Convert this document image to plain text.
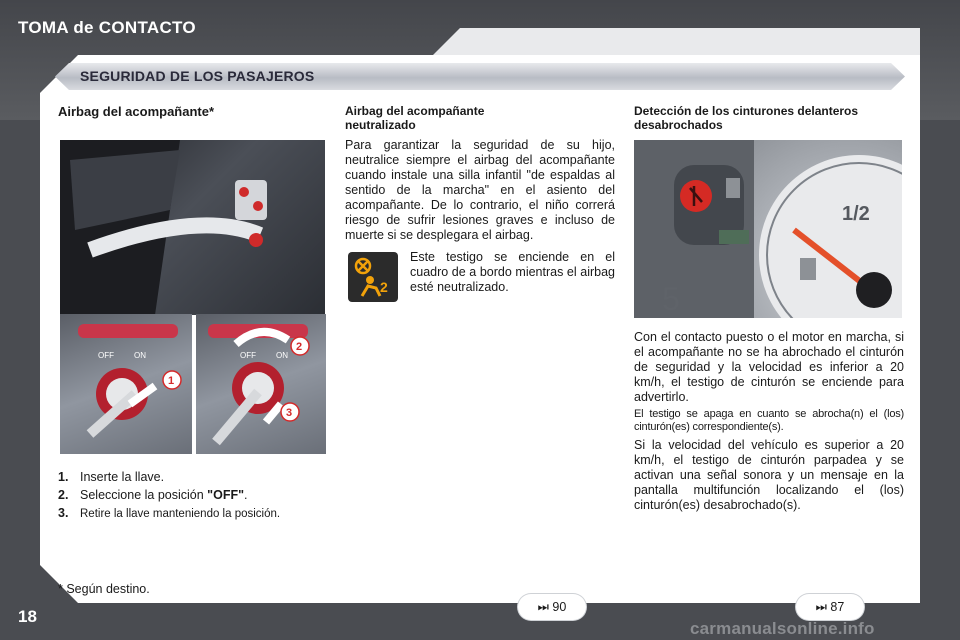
TOMA de CONTACTO
SEGURIDAD DE LOS PASAJEROS
Airbag del acompañante*
OFF	ON
1
OFF	ON
2
3
1. Inserte la llave.
2. Seleccione la posición "OFF".
3. Retire la llave manteniendo la posición.
* Según destino.
Airbag del acompañante neutralizado
Para garantizar la seguridad de su hijo, neutralice siempre el airbag del acompañante cuando instale una silla infantil "de espaldas al sentido de la marcha" en el asiento del acompañante. De lo contrario, el niño correrá riesgo de sufrir lesiones graves e incluso de muerte si se desplegara el airbag.
2
Este testigo se enciende en el cuadro de a bordo mientras el airbag esté neutralizado.
Detección de los cinturones delanteros desabrochados
1/2
5
Con el contacto puesto o el motor en marcha, si el acompañante no se ha abrochado el cinturón de seguridad y la velocidad es inferior a 20 km/h, el testigo de cinturón se enciende para advertirlo.
El testigo se apaga en cuanto se abrocha(n) el (los) cinturón(es) correspondiente(s).
Si la velocidad del vehículo es superior a 20 km/h, el testigo de cinturón parpadea y se activan una señal sonora y un mensaje en la pantalla multifunción localizando el (los) cinturón(es) desabrochado(s).
18	⏭ 90	⏭ 87
carmanualsonline.info
